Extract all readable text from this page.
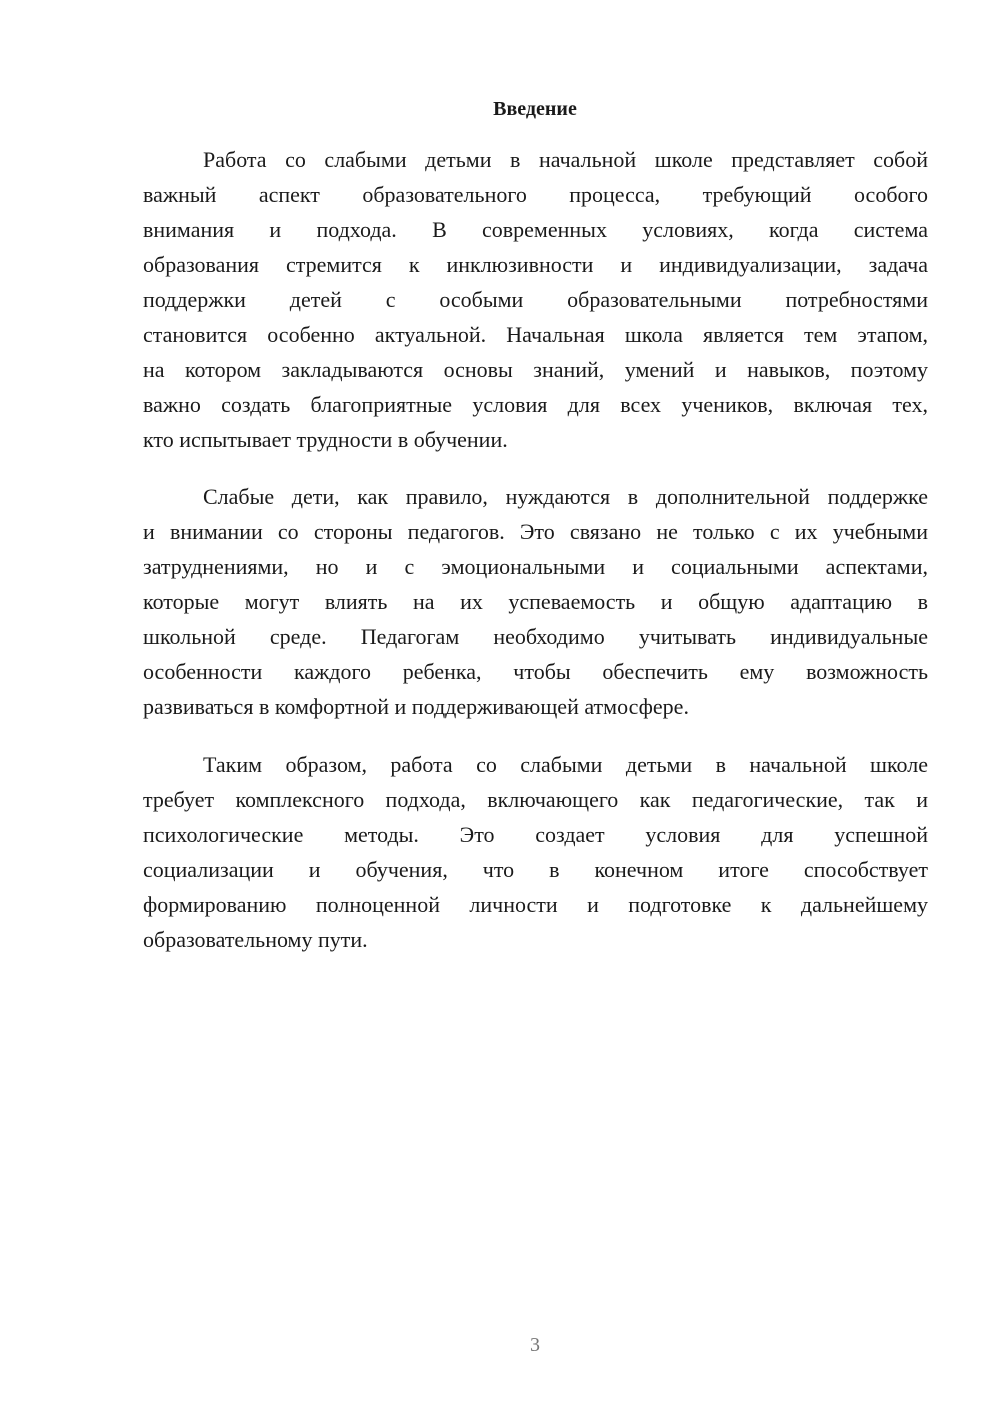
Введение
Работа со слабыми детьми в начальной школе представляет собой
важный аспект образовательного процесса, требующий особого
внимания и подхода. В современных условиях, когда система
образования стремится к инклюзивности и индивидуализации, задача
поддержки детей с особыми образовательными потребностями
становится особенно актуальной. Начальная школа является тем этапом,
на котором закладываются основы знаний, умений и навыков, поэтому
важно создать благоприятные условия для всех учеников, включая тех,
кто испытывает трудности в обучении.
Слабые дети, как правило, нуждаются в дополнительной поддержке
и внимании со стороны педагогов. Это связано не только с их учебными
затруднениями, но и с эмоциональными и социальными аспектами,
которые могут влиять на их успеваемость и общую адаптацию в
школьной среде. Педагогам необходимо учитывать индивидуальные
особенности каждого ребенка, чтобы обеспечить ему возможность
развиваться в комфортной и поддерживающей атмосфере.
Таким образом, работа со слабыми детьми в начальной школе
требует комплексного подхода, включающего как педагогические, так и
психологические методы. Это создает условия для успешной
социализации и обучения, что в конечном итоге способствует
формированию полноценной личности и подготовке к дальнейшему
образовательному пути.
3
